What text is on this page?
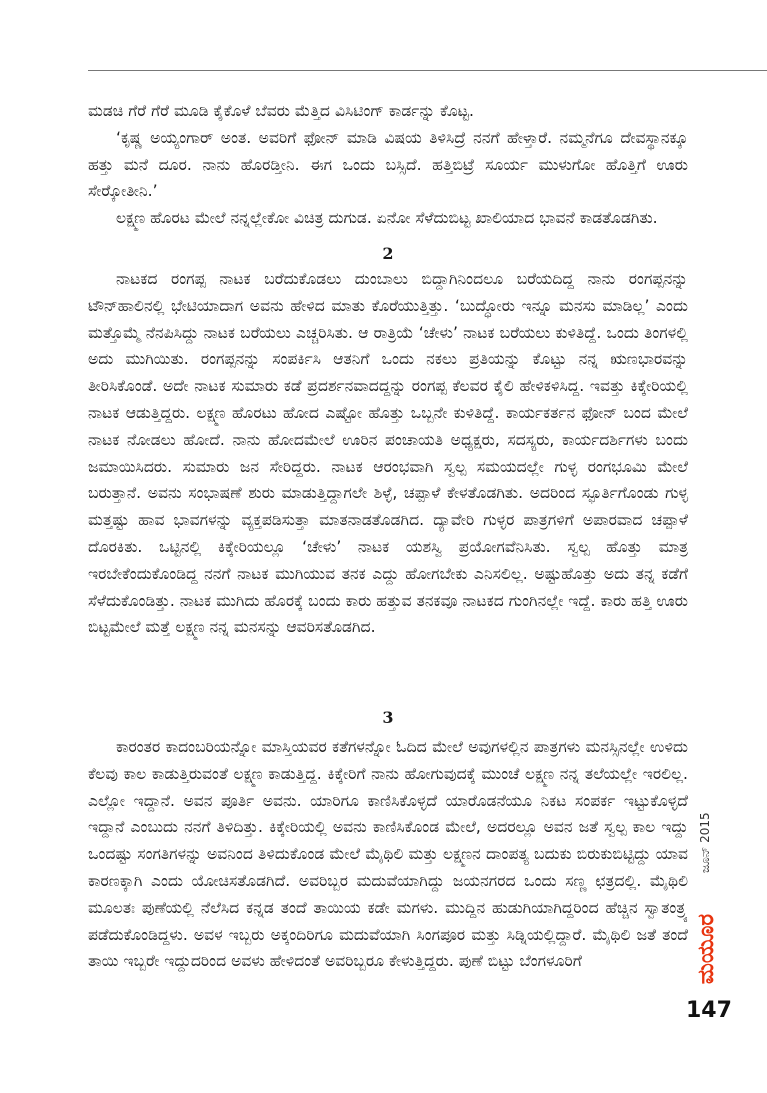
ಮಡಚಿ ಗೆರೆ ಗೆರೆ ಮೂಡಿ ಕೈಕೊಳೆ ಬೆವರು ಮೆತ್ತಿದ ವಿಸಿಟಿಂಗ್ ಕಾರ್ಡನ್ನು ಕೊಟ್ಟ.

‘ಕೃಷ್ಣ ಅಯ್ಯಂಗಾರ್ ಅಂತ. ಅವರಿಗೆ ಫೋನ್ ಮಾಡಿ ವಿಷಯ ತಿಳಿಸಿದ್ರೆ ನನಗೆ ಹೇಳ್ತಾರೆ. ನಮ್ಮನೆಗೂ ದೇವಸ್ಥಾನಕ್ಕೂ ಹತ್ತು ಮನೆ ದೂರ. ನಾನು ಹೊರಡ್ತೀನಿ. ಈಗ ಒಂದು ಬಸ್ಸಿದೆ. ಹತ್ತಿಬಿಟ್ರೆ ಸೂರ್ಯ ಮುಳುಗೋ ಹೊತ್ತಿಗೆ ಊರು ಸೇರ್‍ಕೋತೀನಿ.’

ಲಕ್ಷ್ಮಣ ಹೊರಟ ಮೇಲೆ ನನ್ನಲ್ಲೇಕೋ ವಿಚಿತ್ರ ದುಗುಡ. ಏನೋ ಸೆಳೆದುಬಿಟ್ಟ ಖಾಲಿಯಾದ ಭಾವನೆ ಕಾಡತೊಡಗಿತು.

2

ನಾಟಕದ ರಂಗಪ್ಪ ನಾಟಕ ಬರೆದುಕೊಡಲು ದುಂಬಾಲು ಬಿದ್ದಾಗಿನಿಂದಲೂ ಬರೆಯದಿದ್ದ ನಾನು ರಂಗಪ್ಪನನ್ನು ಟೌನ್‌ಹಾಲಿನಲ್ಲಿ ಭೇಟಿಯಾದಾಗ ಅವನು ಹೇಳಿದ ಮಾತು ಕೊರೆಯುತ್ತಿತ್ತು. ‘ಬುದ್ಧೋರು ಇನ್ನೂ ಮನಸು ಮಾಡಿಲ್ಲ’ ಎಂದು ಮತ್ತೊಮ್ಮೆ ನೆನಪಿಸಿದ್ದು ನಾಟಕ ಬರೆಯಲು ಎಚ್ಚರಿಸಿತು. ಆ ರಾತ್ರಿಯೆ ‘ಚೇಳು’ ನಾಟಕ ಬರೆಯಲು ಕುಳಿತಿದ್ದೆ. ಒಂದು ತಿಂಗಳಲ್ಲಿ ಅದು ಮುಗಿಯಿತು. ರಂಗಪ್ಪನನ್ನು ಸಂಪರ್ಕಿಸಿ ಆತನಿಗೆ ಒಂದು ನಕಲು ಪ್ರತಿಯನ್ನು ಕೊಟ್ಟು ನನ್ನ ಋಣಭಾರವನ್ನು ತೀರಿಸಿಕೊಂಡೆ. ಅದೇ ನಾಟಕ ಸುಮಾರು ಕಡೆ ಪ್ರದರ್ಶನವಾದದ್ದನ್ನು ರಂಗಪ್ಪ ಕೆಲವರ ಕೈಲಿ ಹೇಳಿಕಳಿಸಿದ್ದ. ಇವತ್ತು ಕಿಕ್ಕೇರಿಯಲ್ಲಿ ನಾಟಕ ಆಡುತ್ತಿದ್ದರು. ಲಕ್ಷ್ಮಣ ಹೊರಟು ಹೋದ ಎಷ್ಟೋ ಹೊತ್ತು ಒಬ್ಬನೇ ಕುಳಿತಿದ್ದೆ. ಕಾರ್ಯಕರ್ತನ ಫೋನ್ ಬಂದ ಮೇಲೆ ನಾಟಕ ನೋಡಲು ಹೋದೆ. ನಾನು ಹೋದಮೇಲೆ ಊರಿನ ಪಂಚಾಯತಿ ಅಧ್ಯಕ್ಷರು, ಸದಸ್ಯರು, ಕಾರ್ಯದರ್ಶಿಗಳು ಬಂದು ಜಮಾಯಿಸಿದರು. ಸುಮಾರು ಜನ ಸೇರಿದ್ದರು. ನಾಟಕ ಆರಂಭವಾಗಿ ಸ್ವಲ್ಪ ಸಮಯದಲ್ಲೇ ಗುಳ್ಳ ರಂಗಭೂಮಿ ಮೇಲೆ ಬರುತ್ತಾನೆ. ಅವನು ಸಂಭಾಷಣೆ ಶುರು ಮಾಡುತ್ತಿದ್ದಾಗಲೇ ಶಿಳ್ಳೆ, ಚಪ್ಪಾಳೆ ಕೇಳತೊಡಗಿತು. ಅದರಿಂದ ಸ್ಫೂರ್ತಿಗೊಂಡು ಗುಳ್ಳ ಮತ್ತಷ್ಟು ಹಾವ ಭಾವಗಳನ್ನು ವ್ಯಕ್ತಪಡಿಸುತ್ತಾ ಮಾತನಾಡತೊಡಗಿದ. ದ್ಯಾವೇರಿ ಗುಳ್ಳರ ಪಾತ್ರಗಳಿಗೆ ಅಪಾರವಾದ ಚಪ್ಪಾಳೆ ದೊರಕಿತು. ಒಟ್ಟಿನಲ್ಲಿ ಕಿಕ್ಕೇರಿಯಲ್ಲೂ ‘ಚೇಳು’ ನಾಟಕ ಯಶಸ್ವಿ ಪ್ರಯೋಗವೆನಿಸಿತು. ಸ್ವಲ್ಪ ಹೊತ್ತು ಮಾತ್ರ ಇರಬೇಕೆಂದುಕೊಂಡಿದ್ದ ನನಗೆ ನಾಟಕ ಮುಗಿಯುವ ತನಕ ಎದ್ದು ಹೋಗಬೇಕು ಎನಿಸಲಿಲ್ಲ. ಅಷ್ಟುಹೊತ್ತು ಅದು ತನ್ನ ಕಡೆಗೆ ಸೆಳೆದುಕೊಂಡಿತ್ತು. ನಾಟಕ ಮುಗಿದು ಹೊರಕ್ಕೆ ಬಂದು ಕಾರು ಹತ್ತುವ ತನಕವೂ ನಾಟಕದ ಗುಂಗಿನಲ್ಲೇ ಇದ್ದೆ. ಕಾರು ಹತ್ತಿ ಊರು ಬಿಟ್ಟಮೇಲೆ ಮತ್ತೆ ಲಕ್ಷ್ಮಣ ನನ್ನ ಮನಸನ್ನು ಆವರಿಸತೊಡಗಿದ.

3

ಕಾರಂತರ ಕಾದಂಬರಿಯನ್ನೋ ಮಾಸ್ತಿಯವರ ಕತೆಗಳನ್ನೋ ಓದಿದ ಮೇಲೆ ಅವುಗಳಲ್ಲಿನ ಪಾತ್ರಗಳು ಮನಸ್ಸಿನಲ್ಲೇ ಉಳಿದು ಕೆಲವು ಕಾಲ ಕಾಡುತ್ತಿರುವಂತೆ ಲಕ್ಷ್ಮಣ ಕಾಡುತ್ತಿದ್ದ. ಕಿಕ್ಕೇರಿಗೆ ನಾನು ಹೋಗುವುದಕ್ಕೆ ಮುಂಚೆ ಲಕ್ಷ್ಮಣ ನನ್ನ ತಲೆಯಲ್ಲೇ ಇರಲಿಲ್ಲ. ಎಲ್ಲೋ ಇದ್ದಾನೆ. ಅವನ ಪೂರ್ತಿ ಅವನು. ಯಾರಿಗೂ ಕಾಣಿಸಿಕೊಳ್ಳದೆ ಯಾರೊಡನೆಯೂ ನಿಕಟ ಸಂಪರ್ಕ ಇಟ್ಟುಕೊಳ್ಳದೆ ಇದ್ದಾನೆ ಎಂಬುದು ನನಗೆ ತಿಳಿದಿತ್ತು. ಕಿಕ್ಕೇರಿಯಲ್ಲಿ ಅವನು ಕಾಣಿಸಿಕೊಂಡ ಮೇಲೆ, ಅದರಲ್ಲೂ ಅವನ ಜತೆ ಸ್ವಲ್ಪ ಕಾಲ ಇದ್ದು ಒಂದಷ್ಟು ಸಂಗತಿಗಳನ್ನು ಅವನಿಂದ ತಿಳಿದುಕೊಂಡ ಮೇಲೆ ಮೈಥಿಲಿ ಮತ್ತು ಲಕ್ಷ್ಮಣನ ದಾಂಪತ್ಯ ಬದುಕು ಬಿರುಕುಬಿಟ್ಟಿದ್ದು ಯಾವ ಕಾರಣಕ್ಕಾಗಿ ಎಂದು ಯೋಚಿಸತೊಡಗಿದೆ. ಅವರಿಬ್ಬರ ಮದುವೆಯಾಗಿದ್ದು ಜಯನಗರದ ಒಂದು ಸಣ್ಣ ಛತ್ರದಲ್ಲಿ. ಮೈಥಿಲಿ ಮೂಲತಃ ಪುಣೆಯಲ್ಲಿ ನೆಲೆಸಿದ ಕನ್ನಡ ತಂದೆ ತಾಯಿಯ ಕಡೇ ಮಗಳು. ಮುದ್ದಿನ ಹುಡುಗಿಯಾಗಿದ್ದರಿಂದ ಹೆಚ್ಚಿನ ಸ್ವಾತಂತ್ರ್ಯ ಪಡೆದುಕೊಂಡಿದ್ದಳು. ಅವಳ ಇಬ್ಬರು ಅಕ್ಕಂದಿರಿಗೂ ಮದುವೆಯಾಗಿ ಸಿಂಗಪೂರ ಮತ್ತು ಸಿಡ್ನಿಯಲ್ಲಿದ್ದಾರೆ. ಮೈಥಿಲಿ ಜತೆ ತಂದೆ ತಾಯಿ ಇಬ್ಬರೇ ಇದ್ದುದರಿಂದ ಅವಳು ಹೇಳಿದಂತೆ ಅವರಿಬ್ಬರೂ ಕೇಳುತ್ತಿದ್ದರು. ಪುಣೆ ಬಿಟ್ಟು ಬೆಂಗಳೂರಿಗೆ

ಜೂನ್ 2015
ಮಯೂರ
147
